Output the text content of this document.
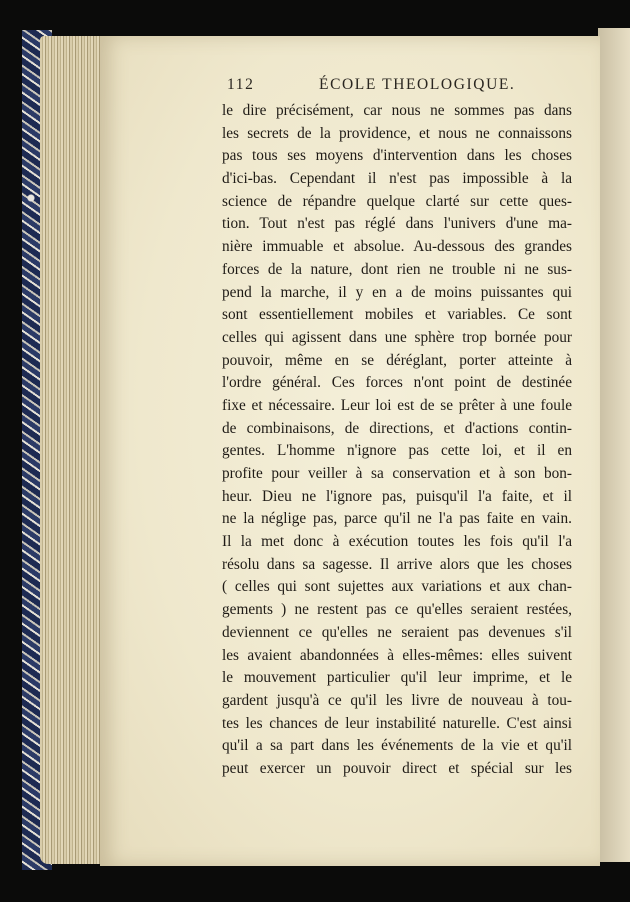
112	ÉCOLE THEOLOGIQUE.
le dire précisément, car nous ne sommes pas dans
les secrets de la providence, et nous ne connaissons
pas tous ses moyens d'intervention dans les choses
d'ici-bas. Cependant il n'est pas impossible à la
science de répandre quelque clarté sur cette ques-
tion. Tout n'est pas réglé dans l'univers d'une ma-
nière immuable et absolue. Au-dessous des grandes
forces de la nature, dont rien ne trouble ni ne sus-
pend la marche, il y en a de moins puissantes qui
sont essentiellement mobiles et variables. Ce sont
celles qui agissent dans une sphère trop bornée pour
pouvoir, même en se déréglant, porter atteinte à
l'ordre général. Ces forces n'ont point de destinée
fixe et nécessaire. Leur loi est de se prêter à une foule
de combinaisons, de directions, et d'actions contin-
gentes. L'homme n'ignore pas cette loi, et il en
profite pour veiller à sa conservation et à son bon-
heur. Dieu ne l'ignore pas, puisqu'il l'a faite, et il
ne la néglige pas, parce qu'il ne l'a pas faite en vain.
Il la met donc à exécution toutes les fois qu'il l'a
résolu dans sa sagesse. Il arrive alors que les choses
( celles qui sont sujettes aux variations et aux chan-
gements ) ne restent pas ce qu'elles seraient restées,
deviennent ce qu'elles ne seraient pas devenues s'il
les avaient abandonnées à elles-mêmes: elles suivent
le mouvement particulier qu'il leur imprime, et le
gardent jusqu'à ce qu'il les livre de nouveau à tou-
tes les chances de leur instabilité naturelle. C'est ainsi
qu'il a sa part dans les événements de la vie et qu'il
peut exercer un pouvoir direct et spécial sur les
